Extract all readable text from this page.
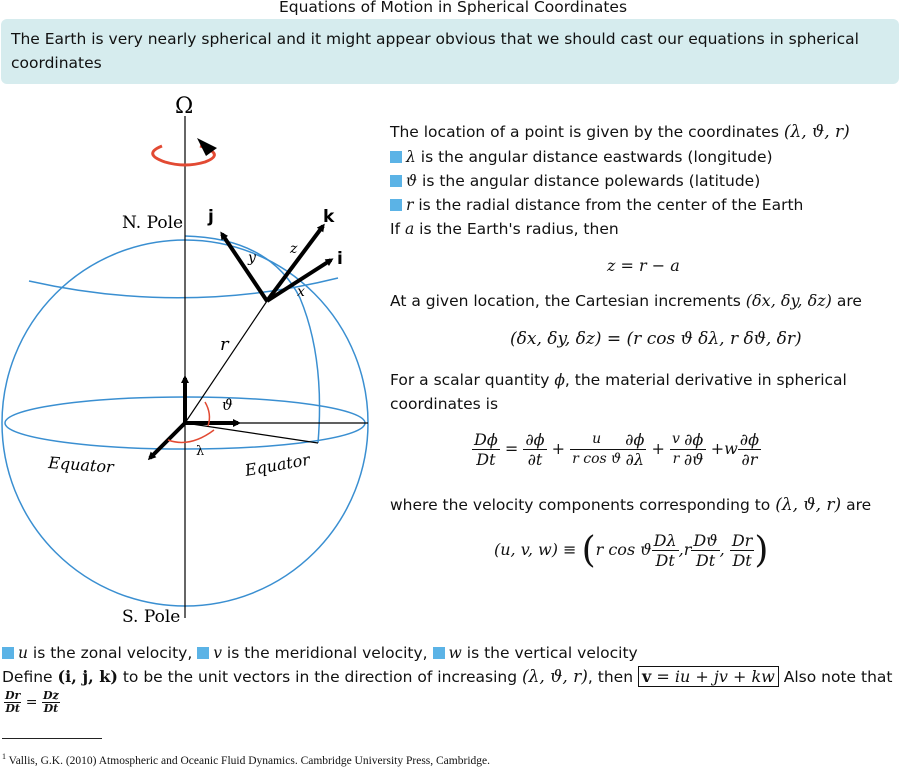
Equations of Motion in Spherical Coordinates
The Earth is very nearly spherical and it might appear obvious that we should cast our equations in spherical coordinates
Ω
N. Pole
S. Pole
Equator	Equator
j	k
i
y
z
x
r
ϑ
λ
The location of a point is given by the coordinates (λ, ϑ, r)
λ is the angular distance eastwards (longitude)
ϑ is the angular distance polewards (latitude)
r is the radial distance from the center of the Earth
If a is the Earth's radius, then
z = r − a
At a given location, the Cartesian increments (δx, δy, δz) are
(δx, δy, δz) = (r cos ϑ δλ, r δϑ, δr)
For a scalar quantity ϕ, the material derivative in spherical
coordinates is
$\frac{D\phi}{Dt} = \frac{\partial\phi}{\partial t} + \frac{u}{\text{r cos ϑ}} \frac{\partial\phi}{\partial\lambda} + \frac{v}{r} \frac{\partial\phi}{\partial ϑ} +w \frac{\partial\phi}{\partial r}$
where the velocity components corresponding to (λ, ϑ, r) are
(u, v, w) ≡ (r cos ϑ $\frac{D\lambda}{Dt} ,r \frac{Dϑ}{Dt}$ , $\frac{Dr}{Dt}$ )
u is the zonal velocity, v is the meridional velocity, w is the vertical velocity
Define (i, j, k) to be the unit vectors in the direction of increasing (λ, ϑ, r), then v = iu + jv + kw Also note that
$\frac{Dr}{Dt} = \frac{Dz}{Dt}$
$^1$ Vallis, G.K. (2010) Atmospheric and Oceanic Fluid Dynamics. Cambridge University Press, Cambridge.
